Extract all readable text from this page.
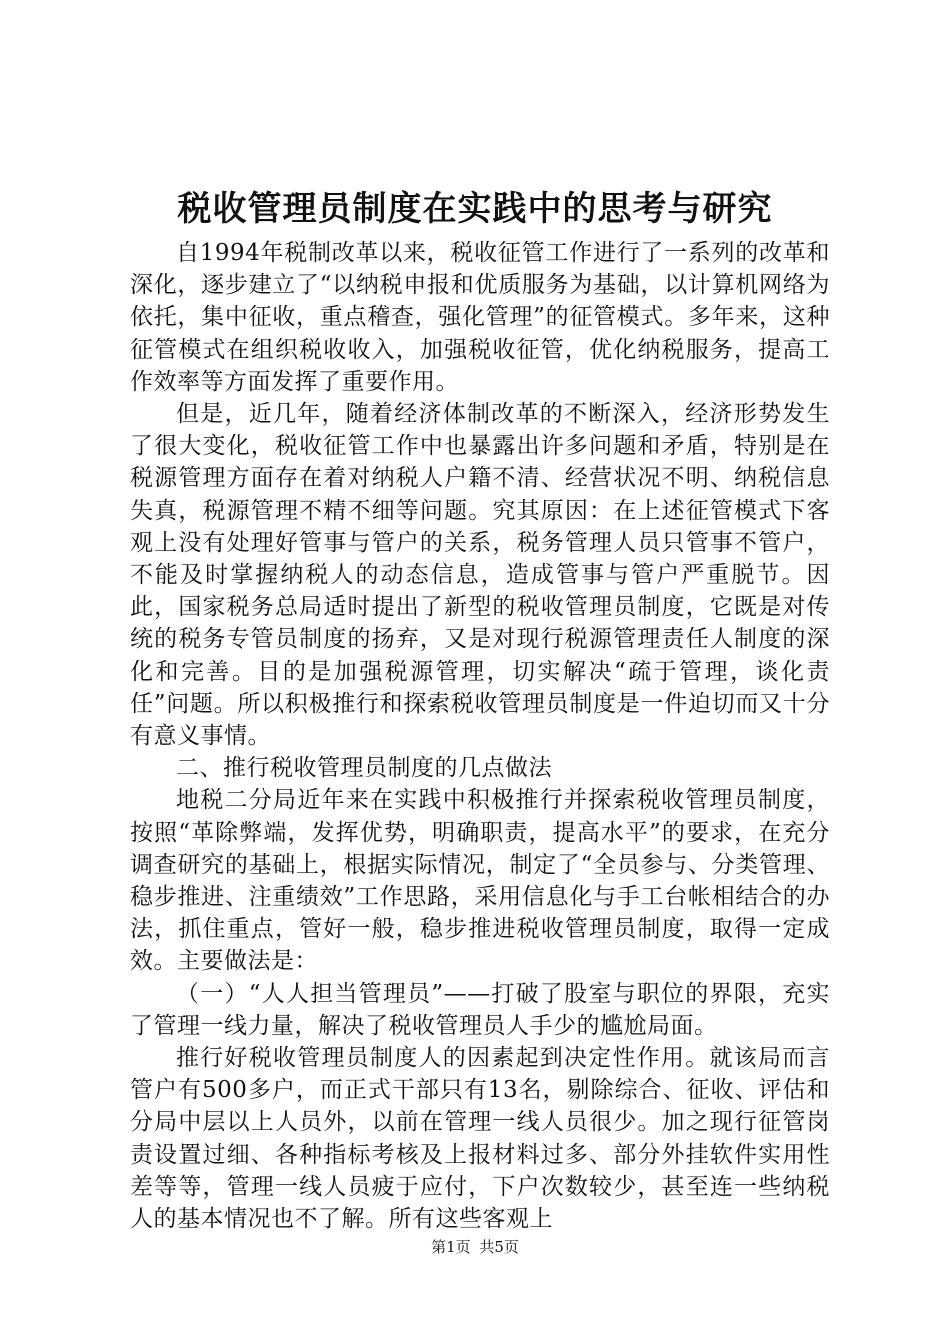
税收管理员制度在实践中的思考与研究

自1994年税制改革以来，税收征管工作进行了一系列的改革和深化，逐步建立了“以纳税申报和优质服务为基础，以计算机网络为依托，集中征收，重点稽查，强化管理”的征管模式。多年来，这种征管模式在组织税收收入，加强税收征管，优化纳税服务，提高工作效率等方面发挥了重要作用。

但是，近几年，随着经济体制改革的不断深入，经济形势发生了很大变化，税收征管工作中也暴露出许多问题和矛盾，特别是在税源管理方面存在着对纳税人户籍不清、经营状况不明、纳税信息失真，税源管理不精不细等问题。究其原因：在上述征管模式下客观上没有处理好管事与管户的关系，税务管理人员只管事不管户，不能及时掌握纳税人的动态信息，造成管事与管户严重脱节。因此，国家税务总局适时提出了新型的税收管理员制度，它既是对传统的税务专管员制度的扬弃，又是对现行税源管理责任人制度的深化和完善。目的是加强税源管理，切实解决“疏于管理，谈化责任”问题。所以积极推行和探索税收管理员制度是一件迫切而又十分有意义事情。

二、推行税收管理员制度的几点做法

地税二分局近年来在实践中积极推行并探索税收管理员制度，按照“革除弊端，发挥优势，明确职责，提高水平”的要求，在充分调查研究的基础上，根据实际情况，制定了“全员参与、分类管理、稳步推进、注重绩效”工作思路，采用信息化与手工台帐相结合的办法，抓住重点，管好一般，稳步推进税收管理员制度，取得一定成效。主要做法是：

（一）“人人担当管理员”——打破了股室与职位的界限，充实了管理一线力量，解决了税收管理员人手少的尴尬局面。

推行好税收管理员制度人的因素起到决定性作用。就该局而言管户有500多户，而正式干部只有13名，剔除综合、征收、评估和分局中层以上人员外，以前在管理一线人员很少。加之现行征管岗责设置过细、各种指标考核及上报材料过多、部分外挂软件实用性差等等，管理一线人员疲于应付，下户次数较少，甚至连一些纳税人的基本情况也不了解。所有这些客观上

第1页 共5页
